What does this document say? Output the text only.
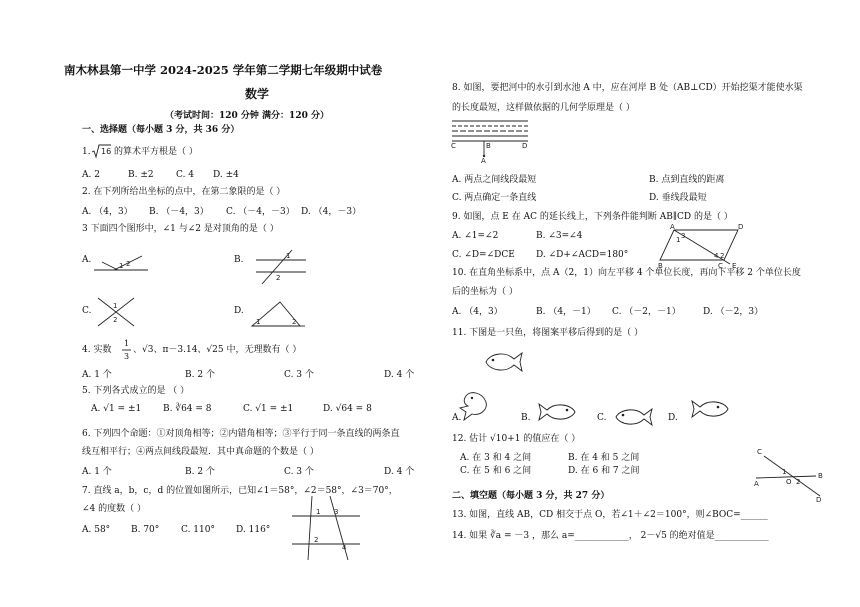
南木林县第一中学 2024-2025 学年第二学期七年级期中试卷
数学
（考试时间：120 分钟 满分：120 分）
一、选择题（每小题 3 分，共 36 分）
1. 16 的算术平方根是（ ）
A. 2	B. ±2 C. 4 D. ±4
2. 在下列所给出坐标的点中，在第二象限的是（ ）
A. （4，3） B. （－4，3） C. （－4，－3） D. （4，－3）
3 下面四个图形中，∠1 与∠2 是对顶角的是（ ）
A.
1 2	B.	1
2
C.	1
2
D.
1	2
4. 实数
1
3
、√3、π－3.14、√25 中，无理数有（ ）
A. 1 个	B. 2 个	C. 3 个	D. 4 个
5. 下列各式成立的是 （ ）
A. √1 = ±1 B. ∛64 = 8	C. √1 = ±1	D. √64 = 8
6. 下列四个命题：①对顶角相等；②内错角相等；③平行于同一条直线的两条直
线互相平行；④两点间线段最短．其中真命题的个数是（ ）
A. 1 个	B. 2 个	C. 3 个	D. 4 个
7. 直线 a，b，c，d 的位置如图所示，已知∠1＝58°，∠2＝58°，∠3＝70°，
∠4 的度数（ ）
A. 58° B. 70° C. 110° D. 116°
1 3
2
4
8. 如图，要把河中的水引到水池 A 中，应在河岸 B 处（AB⊥CD）开始挖渠才能使水渠
的长度最短，这样做依据的几何学原理是（ ）
C	B	D
A
A. 两点之间线段最短	B. 点到直线的距离
C. 两点确定一条直线	D. 垂线段最短
9. 如图，点 E 在 AC 的延长线上，下列条件能判断 AB∥CD 的是（ ）
A. ∠1=∠2	B. ∠3=∠4
C. ∠D=∠DCE D. ∠D+∠ACD=180°
A	D
B	C E
3
1
4 2
10. 在直角坐标系中，点 A（2，1）向左平移 4 个单位长度，再向下平移 2 个单位长度
后的坐标为（ ）
A. （4，3）	B. （4，－1） C. （－2，－1） D. （－2，3）
11. 下图是一只鱼，将图案平移后得到的是（ ）
A.	B.	C.	D.
12. 估计 √10+1 的值应在（ ）
A. 在 3 和 4 之间	B. 在 4 和 5 之间
C. 在 5 和 6 之间	D. 在 6 和 7 之间
C
D
A
B
O
1
2
二、填空题（每小题 3 分，共 27 分）
13. 如图，直线 AB，CD 相交于点 O，若∠1＋∠2＝100°，则∠BOC=______
14. 如果 ∛a = －3 ，那么 a=____________， 2－√5 的绝对值是____________
